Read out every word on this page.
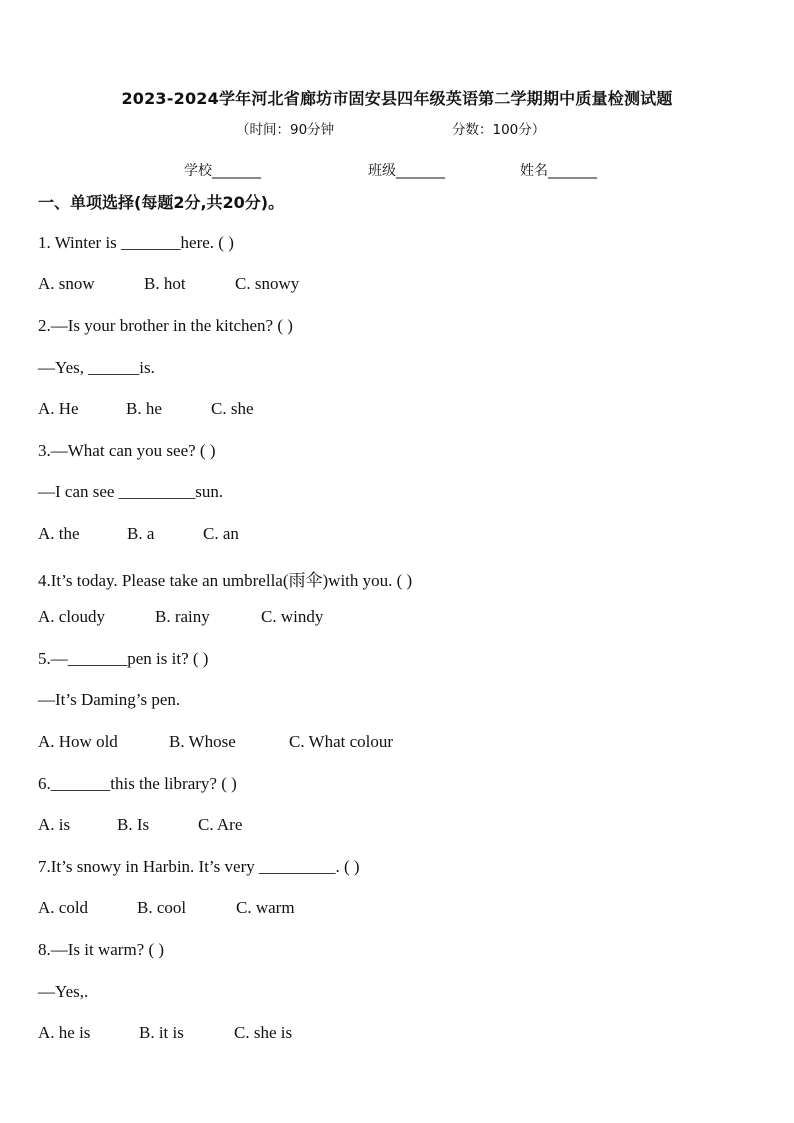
2023-2024学年河北省廊坊市固安县四年级英语第二学期期中质量检测试题
（时间：90分钟	分数：100分）
学校_______	班级_______	姓名_______
一、单项选择(每题2分,共20分)。
1. Winter is _______here. ( )
A. snow	B. hot	C. snowy
2.—Is your brother in the kitchen? ( )
—Yes, ______is.
A. He	B. he	C. she
3.—What can you see? ( )
—I can see _________sun.
A. the	B. a	C. an
4.It’s today. Please take an umbrella(雨伞)with you. ( )
A. cloudy	B. rainy	C. windy
5.—_______pen is it? ( )
—It’s Daming’s pen.
A. How old	B. Whose	C. What colour
6._______this the library? ( )
A. is	B. Is	C. Are
7.It’s snowy in Harbin. It’s very _________. ( )
A. cold	B. cool	C. warm
8.—Is it warm? ( )
—Yes,.
A. he is	B. it is	C. she is
